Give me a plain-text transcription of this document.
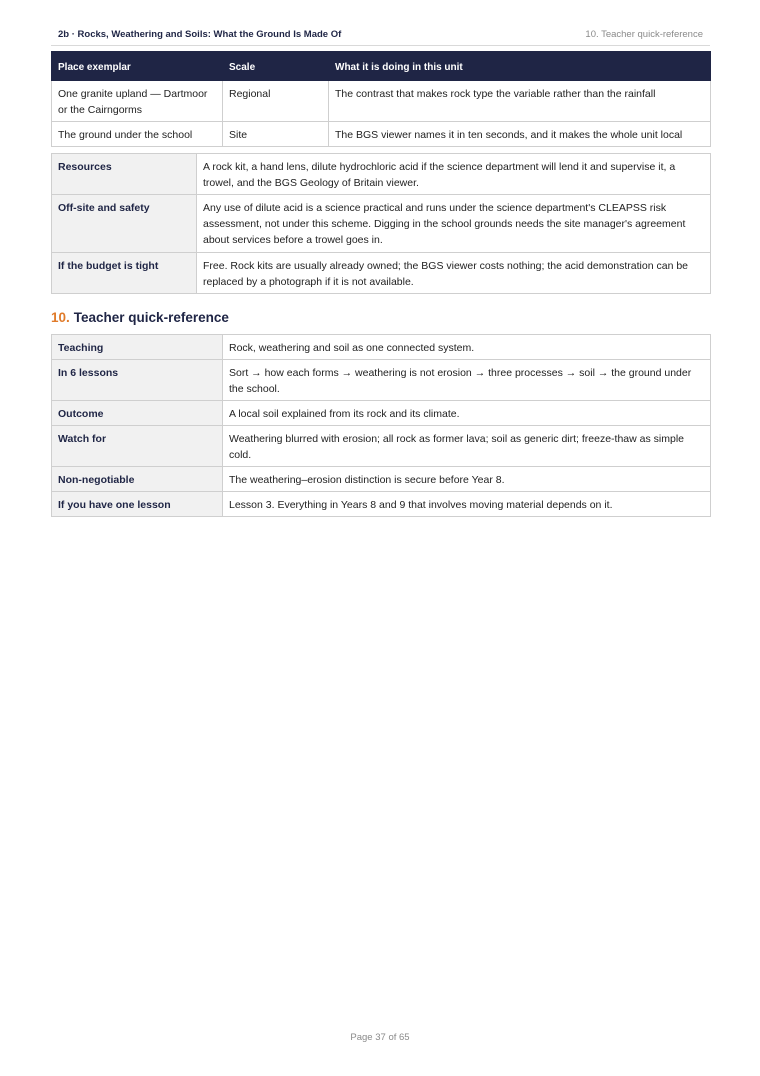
2b · Rocks, Weathering and Soils: What the Ground Is Made Of	10. Teacher quick-reference
Place exemplar	Scale	What it is doing in this unit
One granite upland — Dartmoor or the Cairngorms	Regional	The contrast that makes rock type the variable rather than the rainfall
The ground under the school	Site	The BGS viewer names it in ten seconds, and it makes the whole unit local
Resources	A rock kit, a hand lens, dilute hydrochloric acid if the science department will lend it and supervise it, a trowel, and the BGS Geology of Britain viewer.
Off-site and safety	Any use of dilute acid is a science practical and runs under the science department's CLEAPSS risk assessment, not under this scheme. Digging in the school grounds needs the site manager's agreement about services before a trowel goes in.
If the budget is tight	Free. Rock kits are usually already owned; the BGS viewer costs nothing; the acid demonstration can be replaced by a photograph if it is not available.
10. Teacher quick-reference
Teaching	Rock, weathering and soil as one connected system.
In 6 lessons	Sort → how each forms → weathering is not erosion → three processes → soil → the ground under the school.
Outcome	A local soil explained from its rock and its climate.
Watch for	Weathering blurred with erosion; all rock as former lava; soil as generic dirt; freeze-thaw as simple cold.
Non-negotiable	The weathering–erosion distinction is secure before Year 8.
If you have one lesson	Lesson 3. Everything in Years 8 and 9 that involves moving material depends on it.
Page 37 of 65
